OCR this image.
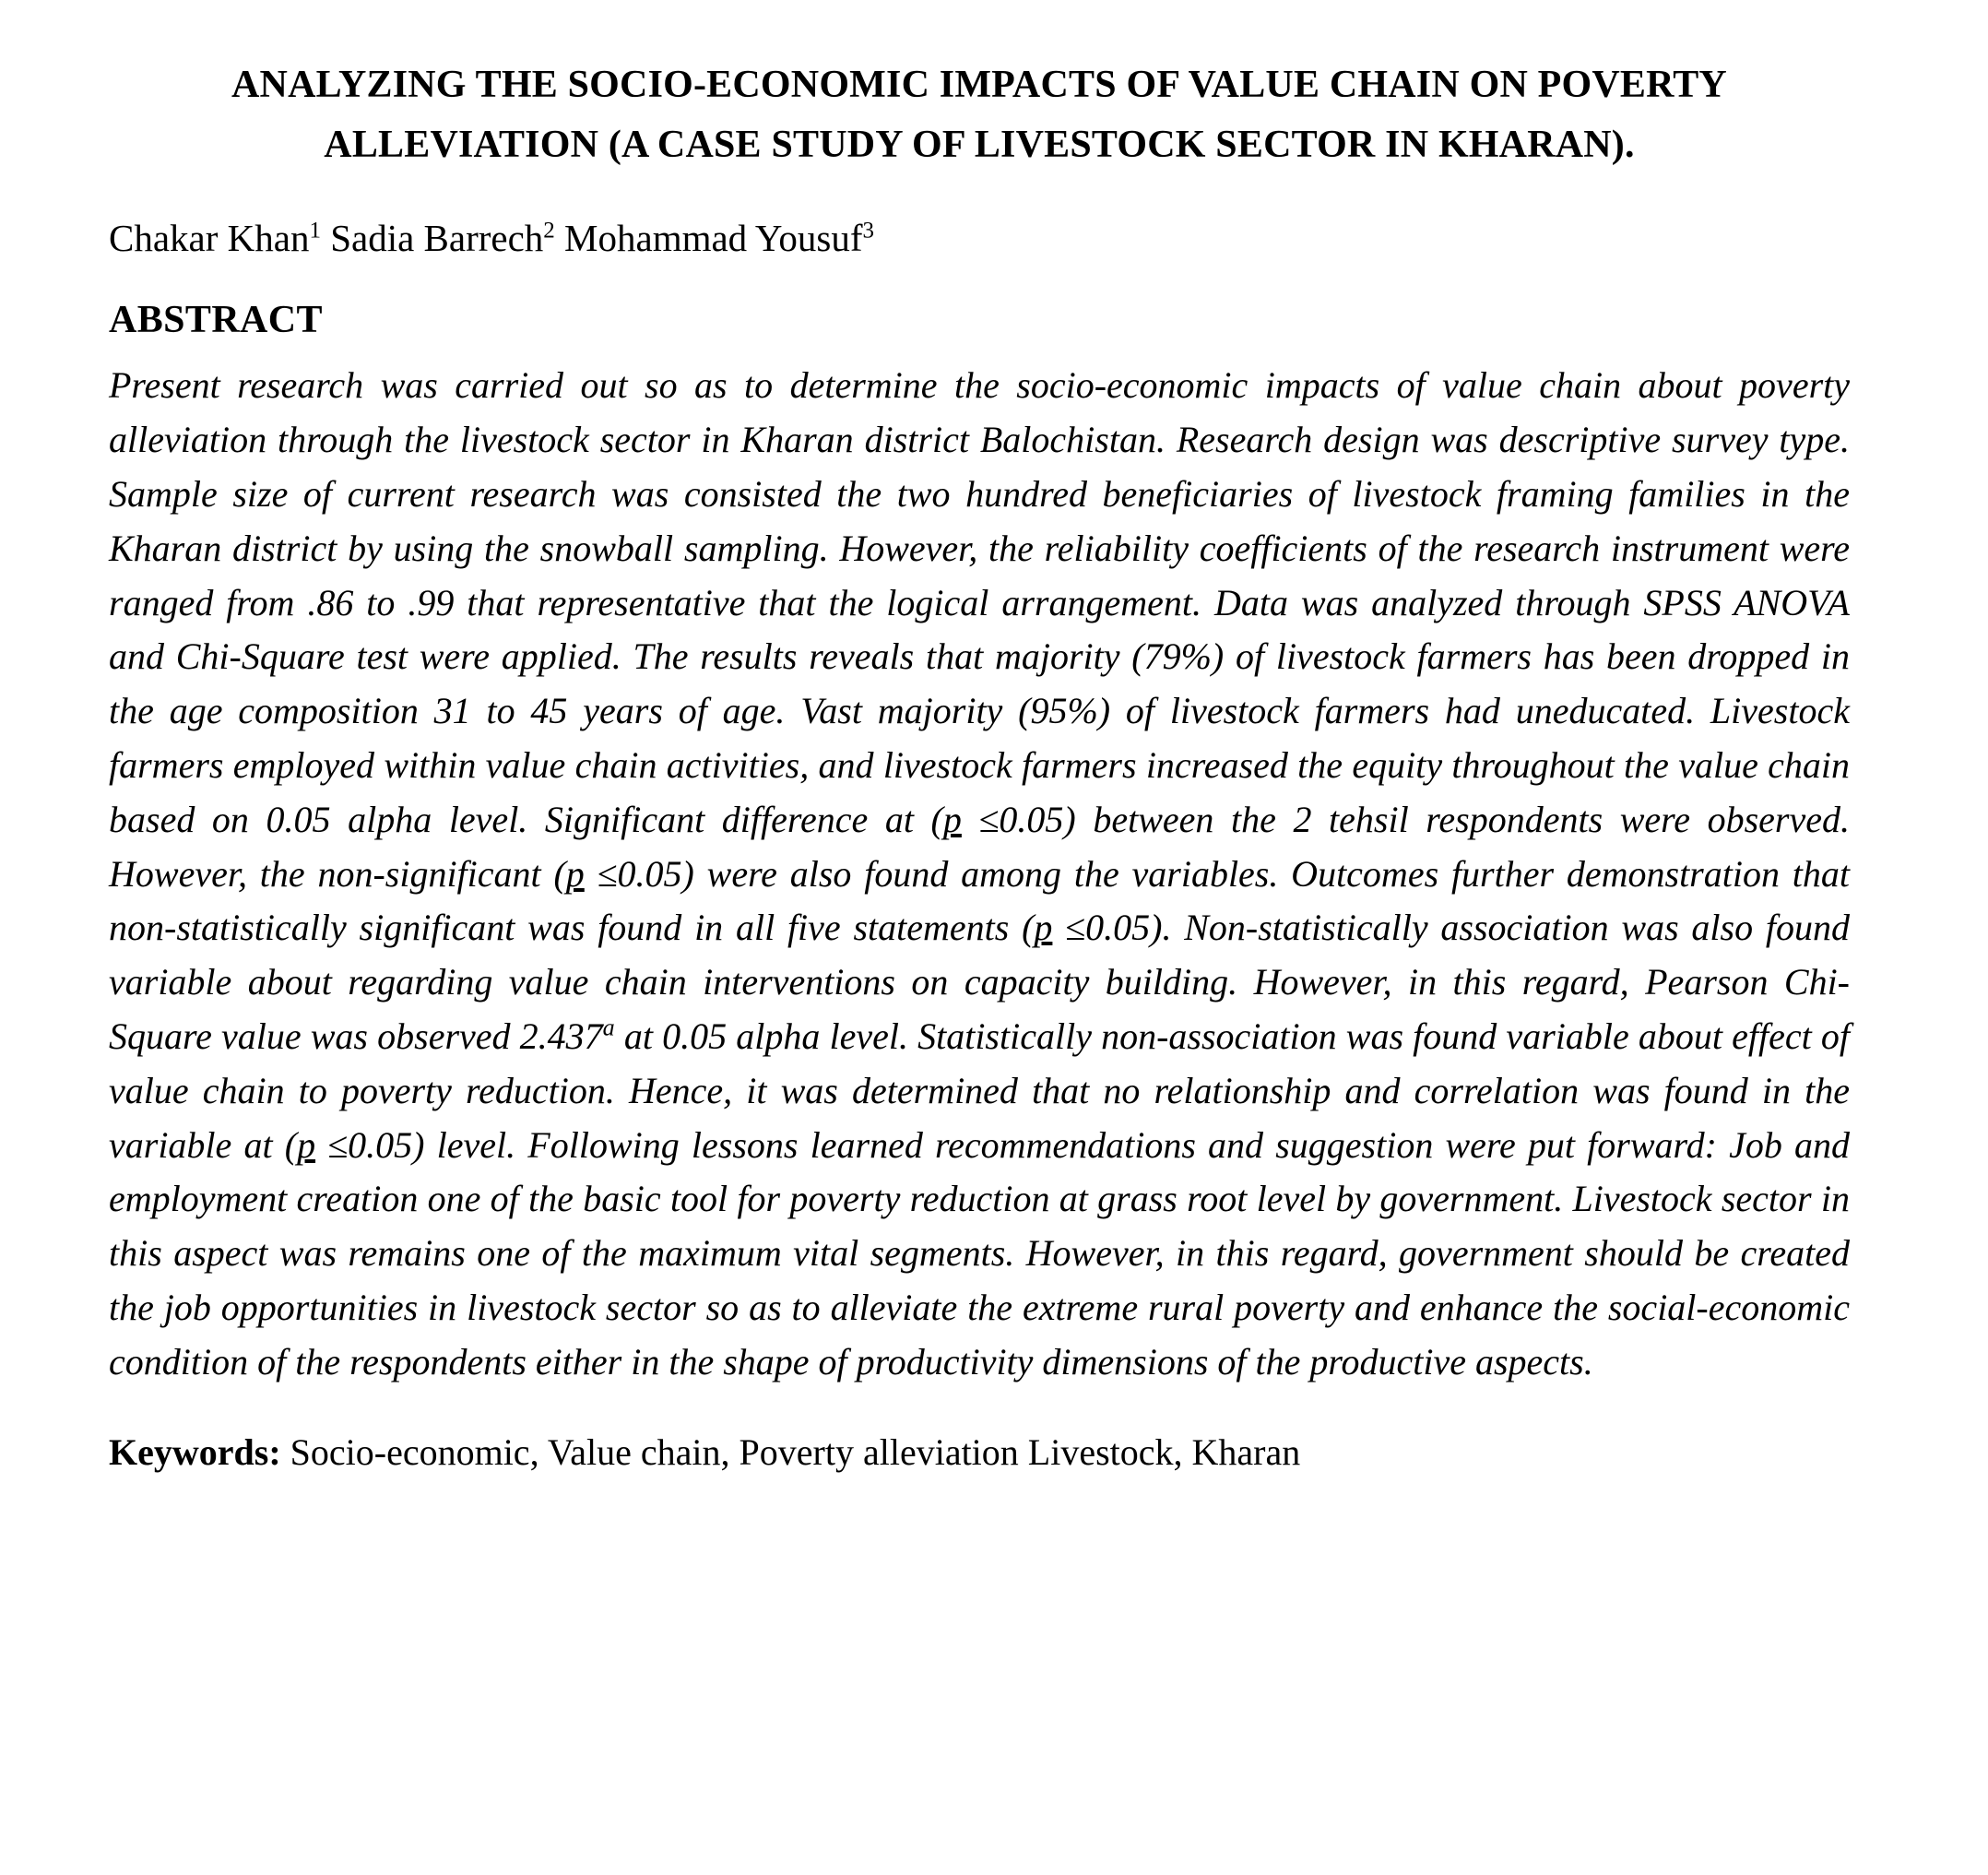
ANALYZING THE SOCIO-ECONOMIC IMPACTS OF VALUE CHAIN ON POVERTY
ALLEVIATION (A CASE STUDY OF LIVESTOCK SECTOR IN KHARAN).
Chakar Khan$^1$ Sadia Barrech$^2$ Mohammad Yousuf$^3$
ABSTRACT

Present research was carried out so as to determine the socio-economic impacts of value chain about poverty alleviation through the livestock sector in Kharan district Balochistan. Research design was descriptive survey type. Sample size of current research was consisted the two hundred beneficiaries of livestock framing families in the Kharan district by using the snowball sampling. However, the reliability coefficients of the research instrument were ranged from .86 to .99 that representative that the logical arrangement. Data was analyzed through SPSS ANOVA and Chi-Square test were applied. The results reveals that majority (79%) of livestock farmers has been dropped in the age composition 31 to 45 years of age. Vast majority (95%) of livestock farmers had uneducated. Livestock farmers employed within value chain activities, and livestock farmers increased the equity throughout the value chain based on 0.05 alpha level. Significant difference at (p ≤0.05) between the 2 tehsil respondents were observed. However, the non-significant (p ≤0.05) were also found among the variables. Outcomes further demonstration that non-statistically significant was found in all five statements (p ≤0.05). Non-statistically association was also found variable about regarding value chain interventions on capacity building. However, in this regard, Pearson Chi-Square value was observed 2.437$^a$ at 0.05 alpha level. Statistically non-association was found variable about effect of value chain to poverty reduction. Hence, it was determined that no relationship and correlation was found in the variable at (p ≤0.05) level. Following lessons learned recommendations and suggestion were put forward: Job and employment creation one of the basic tool for poverty reduction at grass root level by government. Livestock sector in this aspect was remains one of the maximum vital segments. However, in this regard, government should be created the job opportunities in livestock sector so as to alleviate the extreme rural poverty and enhance the social-economic condition of the respondents either in the shape of productivity dimensions of the productive aspects.

Keywords: Socio-economic, Value chain, Poverty alleviation Livestock, Kharan
